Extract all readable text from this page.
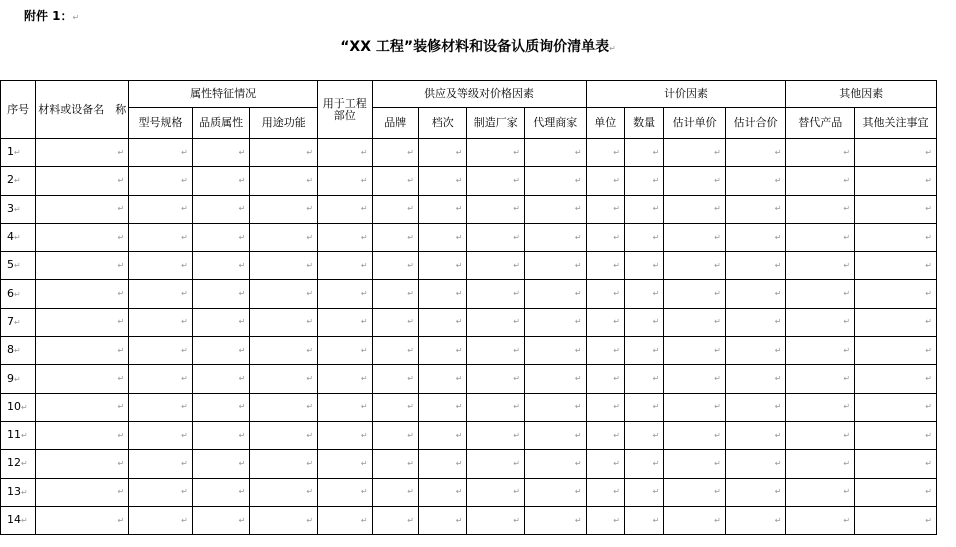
附件 1：↵
“XX 工程”装修材料和设备认质询价清单表↵
序号	材料或设备名　称	属性特征情况			用于工程部位	供应及等级对价格因素				计价因素				其他因素	
		型号规格	品质属性	用途功能		品牌	档次	制造厂家	代理商家	单位	数量	估计单价	估计合价	替代产品	其他关注事宜
1↵	↵	↵	↵	↵	↵	↵	↵	↵	↵	↵	↵	↵	↵	↵	↵

2↵	↵	↵	↵	↵	↵	↵	↵	↵	↵	↵	↵	↵	↵	↵	↵

3↵	↵	↵	↵	↵	↵	↵	↵	↵	↵	↵	↵	↵	↵	↵	↵

4↵	↵	↵	↵	↵	↵	↵	↵	↵	↵	↵	↵	↵	↵	↵	↵

5↵	↵	↵	↵	↵	↵	↵	↵	↵	↵	↵	↵	↵	↵	↵	↵

6↵	↵	↵	↵	↵	↵	↵	↵	↵	↵	↵	↵	↵	↵	↵	↵

7↵	↵	↵	↵	↵	↵	↵	↵	↵	↵	↵	↵	↵	↵	↵	↵

8↵	↵	↵	↵	↵	↵	↵	↵	↵	↵	↵	↵	↵	↵	↵	↵

9↵	↵	↵	↵	↵	↵	↵	↵	↵	↵	↵	↵	↵	↵	↵	↵

10↵	↵	↵	↵	↵	↵	↵	↵	↵	↵	↵	↵	↵	↵	↵	↵

11↵	↵	↵	↵	↵	↵	↵	↵	↵	↵	↵	↵	↵	↵	↵	↵

12↵	↵	↵	↵	↵	↵	↵	↵	↵	↵	↵	↵	↵	↵	↵	↵

13↵	↵	↵	↵	↵	↵	↵	↵	↵	↵	↵	↵	↵	↵	↵	↵

14↵	↵	↵	↵	↵	↵	↵	↵	↵	↵	↵	↵	↵	↵	↵	↵
